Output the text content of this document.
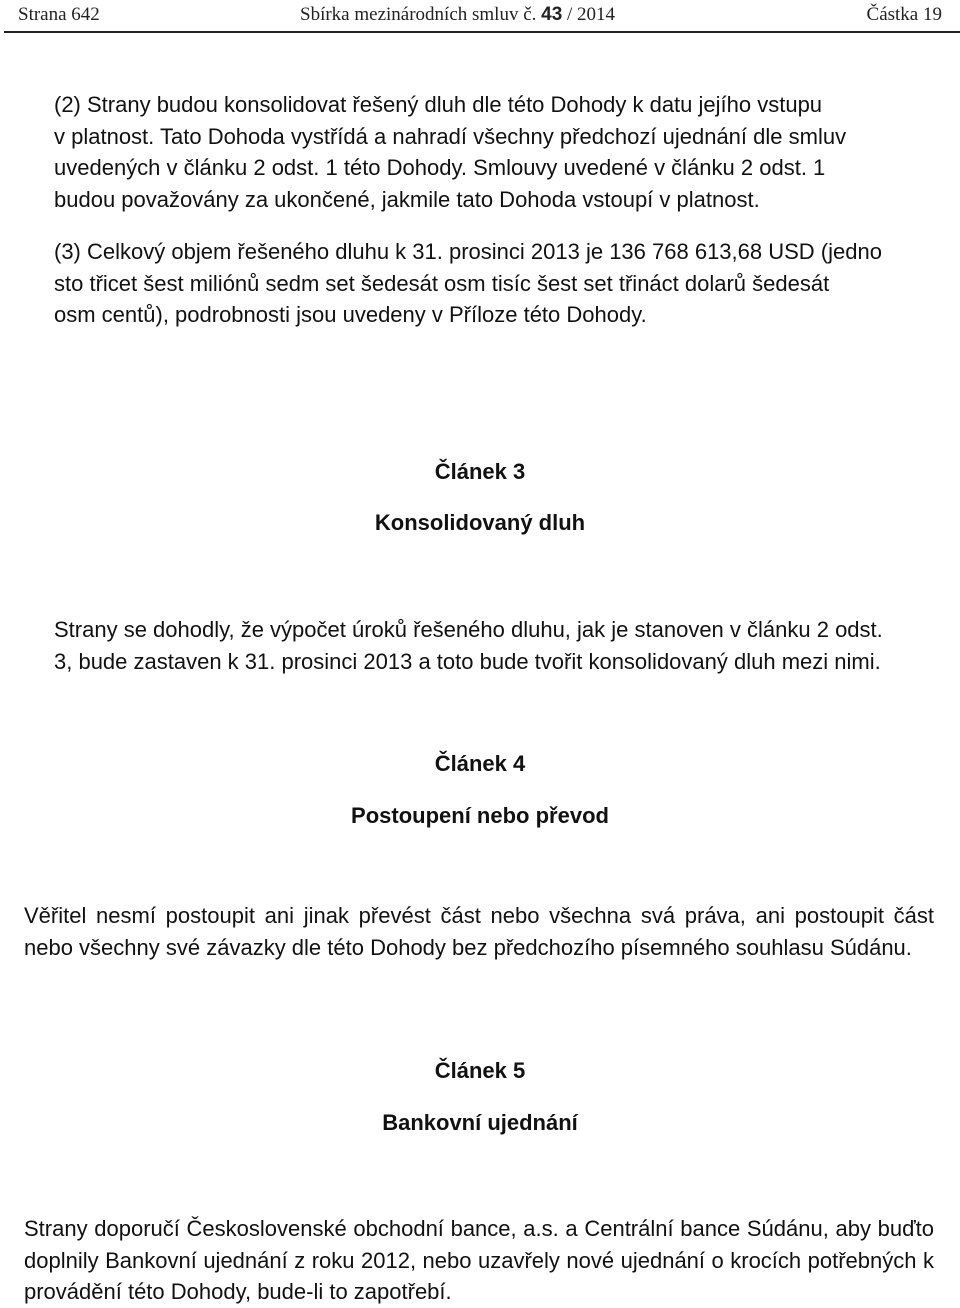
Strana 642	Sbírka mezinárodních smluv č. 43 / 2014	Částka 19
(2) Strany budou konsolidovat řešený dluh dle této Dohody k datu jejího vstupu
v platnost. Tato Dohoda vystřídá a nahradí všechny předchozí ujednání dle smluv
uvedených v článku 2 odst. 1 této Dohody. Smlouvy uvedené v článku 2 odst. 1
budou považovány za ukončené, jakmile tato Dohoda vstoupí v platnost.
(3) Celkový objem řešeného dluhu k 31. prosinci 2013 je 136 768 613,68 USD (jedno
sto třicet šest miliónů sedm set šedesát osm tisíc šest set třináct dolarů šedesát
osm centů), podrobnosti jsou uvedeny v Příloze této Dohody.
Článek 3
Konsolidovaný dluh
Strany se dohodly, že výpočet úroků řešeného dluhu, jak je stanoven v článku 2 odst.
3, bude zastaven k 31. prosinci 2013 a toto bude tvořit konsolidovaný dluh mezi nimi.
Článek 4
Postoupení nebo převod
Věřitel nesmí postoupit ani jinak převést část nebo všechna svá práva, ani postoupit část nebo všechny své závazky dle této Dohody bez předchozího písemného souhlasu Súdánu.
Článek 5
Bankovní ujednání
Strany doporučí Československé obchodní bance, a.s. a Centrální bance Súdánu, aby buďto doplnily Bankovní ujednání z roku 2012, nebo uzavřely nové ujednání o krocích potřebných k provádění této Dohody, bude-li to zapotřebí.
